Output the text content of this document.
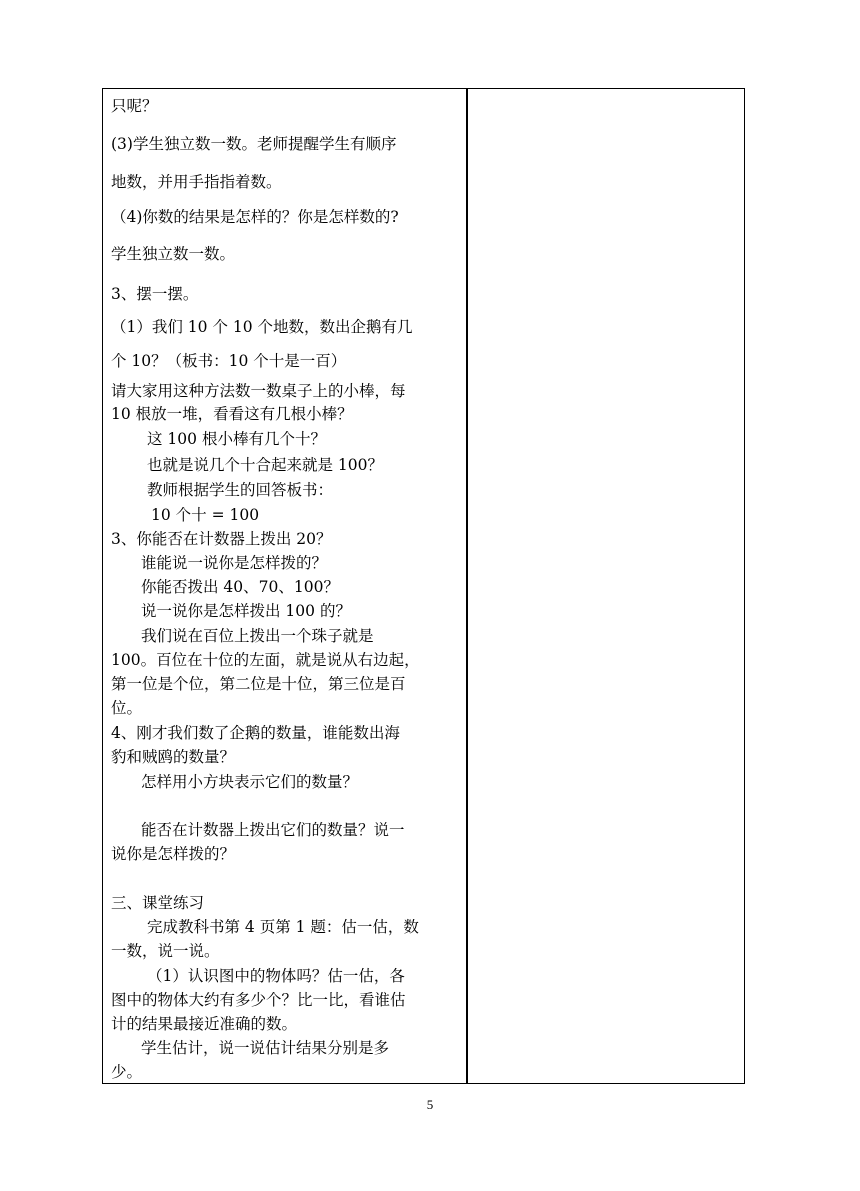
只呢？
(3)学生独立数一数。老师提醒学生有顺序
地数，并用手指指着数。
（4)你数的结果是怎样的？你是怎样数的?
学生独立数一数。
3、摆一摆。
（1）我们 10 个 10 个地数，数出企鹅有几
个 10？（板书：10 个十是一百）
请大家用这种方法数一数桌子上的小棒，每
10 根放一堆，看看这有几根小棒？
这 100 根小棒有几个十？
也就是说几个十合起来就是 100？
教师根据学生的回答板书：
10 个十 = 100
3、你能否在计数器上拨出 20？
谁能说一说你是怎样拨的？
你能否拨出 40、70、100？
说一说你是怎样拨出 100 的？
我们说在百位上拨出一个珠子就是
100。百位在十位的左面，就是说从右边起，
第一位是个位，第二位是十位，第三位是百
位。
4、刚才我们数了企鹅的数量，谁能数出海
豹和贼鸥的数量？
怎样用小方块表示它们的数量？
能否在计数器上拨出它们的数量？说一
说你是怎样拨的？
三、课堂练习
完成教科书第 4 页第 1 题：估一估，数
一数，说一说。
（1）认识图中的物体吗？估一估，各
图中的物体大约有多少个？比一比，看谁估
计的结果最接近准确的数。
学生估计，说一说估计结果分别是多
少。
5
